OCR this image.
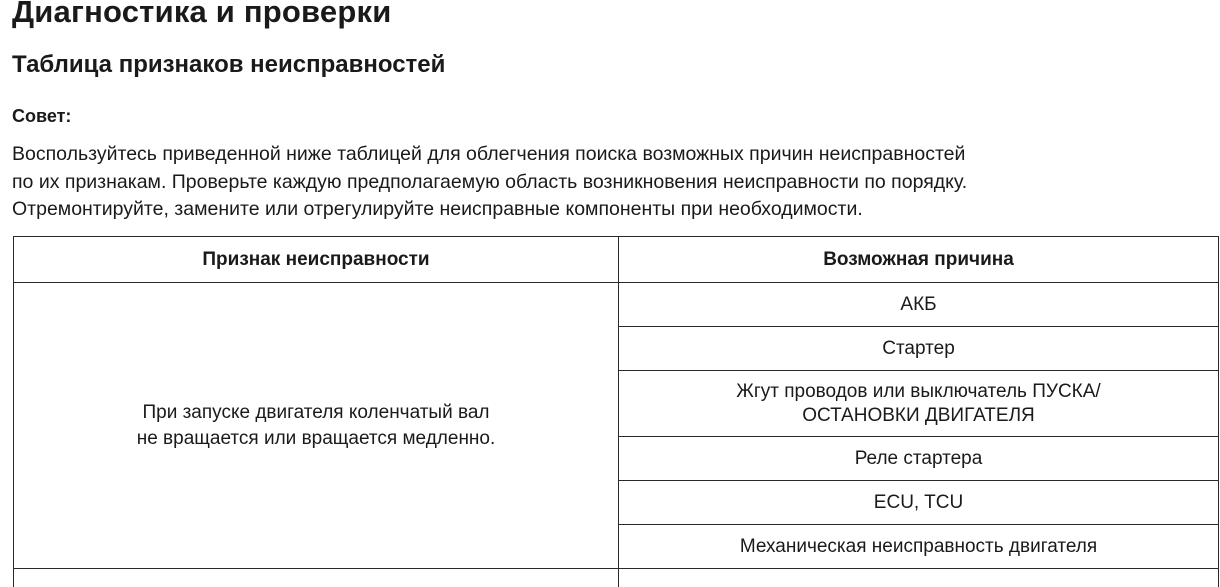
Диагностика и проверки
Таблица признаков неисправностей
Совет:

Воспользуйтесь приведенной ниже таблицей для облегчения поиска возможных причин неисправностей
по их признакам. Проверьте каждую предполагаемую область возникновения неисправности по порядку.
Отремонтируйте, замените или отрегулируйте неисправные компоненты при необходимости.

Признак неисправности	Возможная причина

При запуске двигателя коленчатый вал
не вращается или вращается медленно.	АКБ
	Стартер

	Жгут проводов или выключатель ПУСКА/
ОСТАНОВКИ ДВИГАТЕЛЯ

	Реле стартера
	ECU, TCU
	Механическая неисправность двигателя
